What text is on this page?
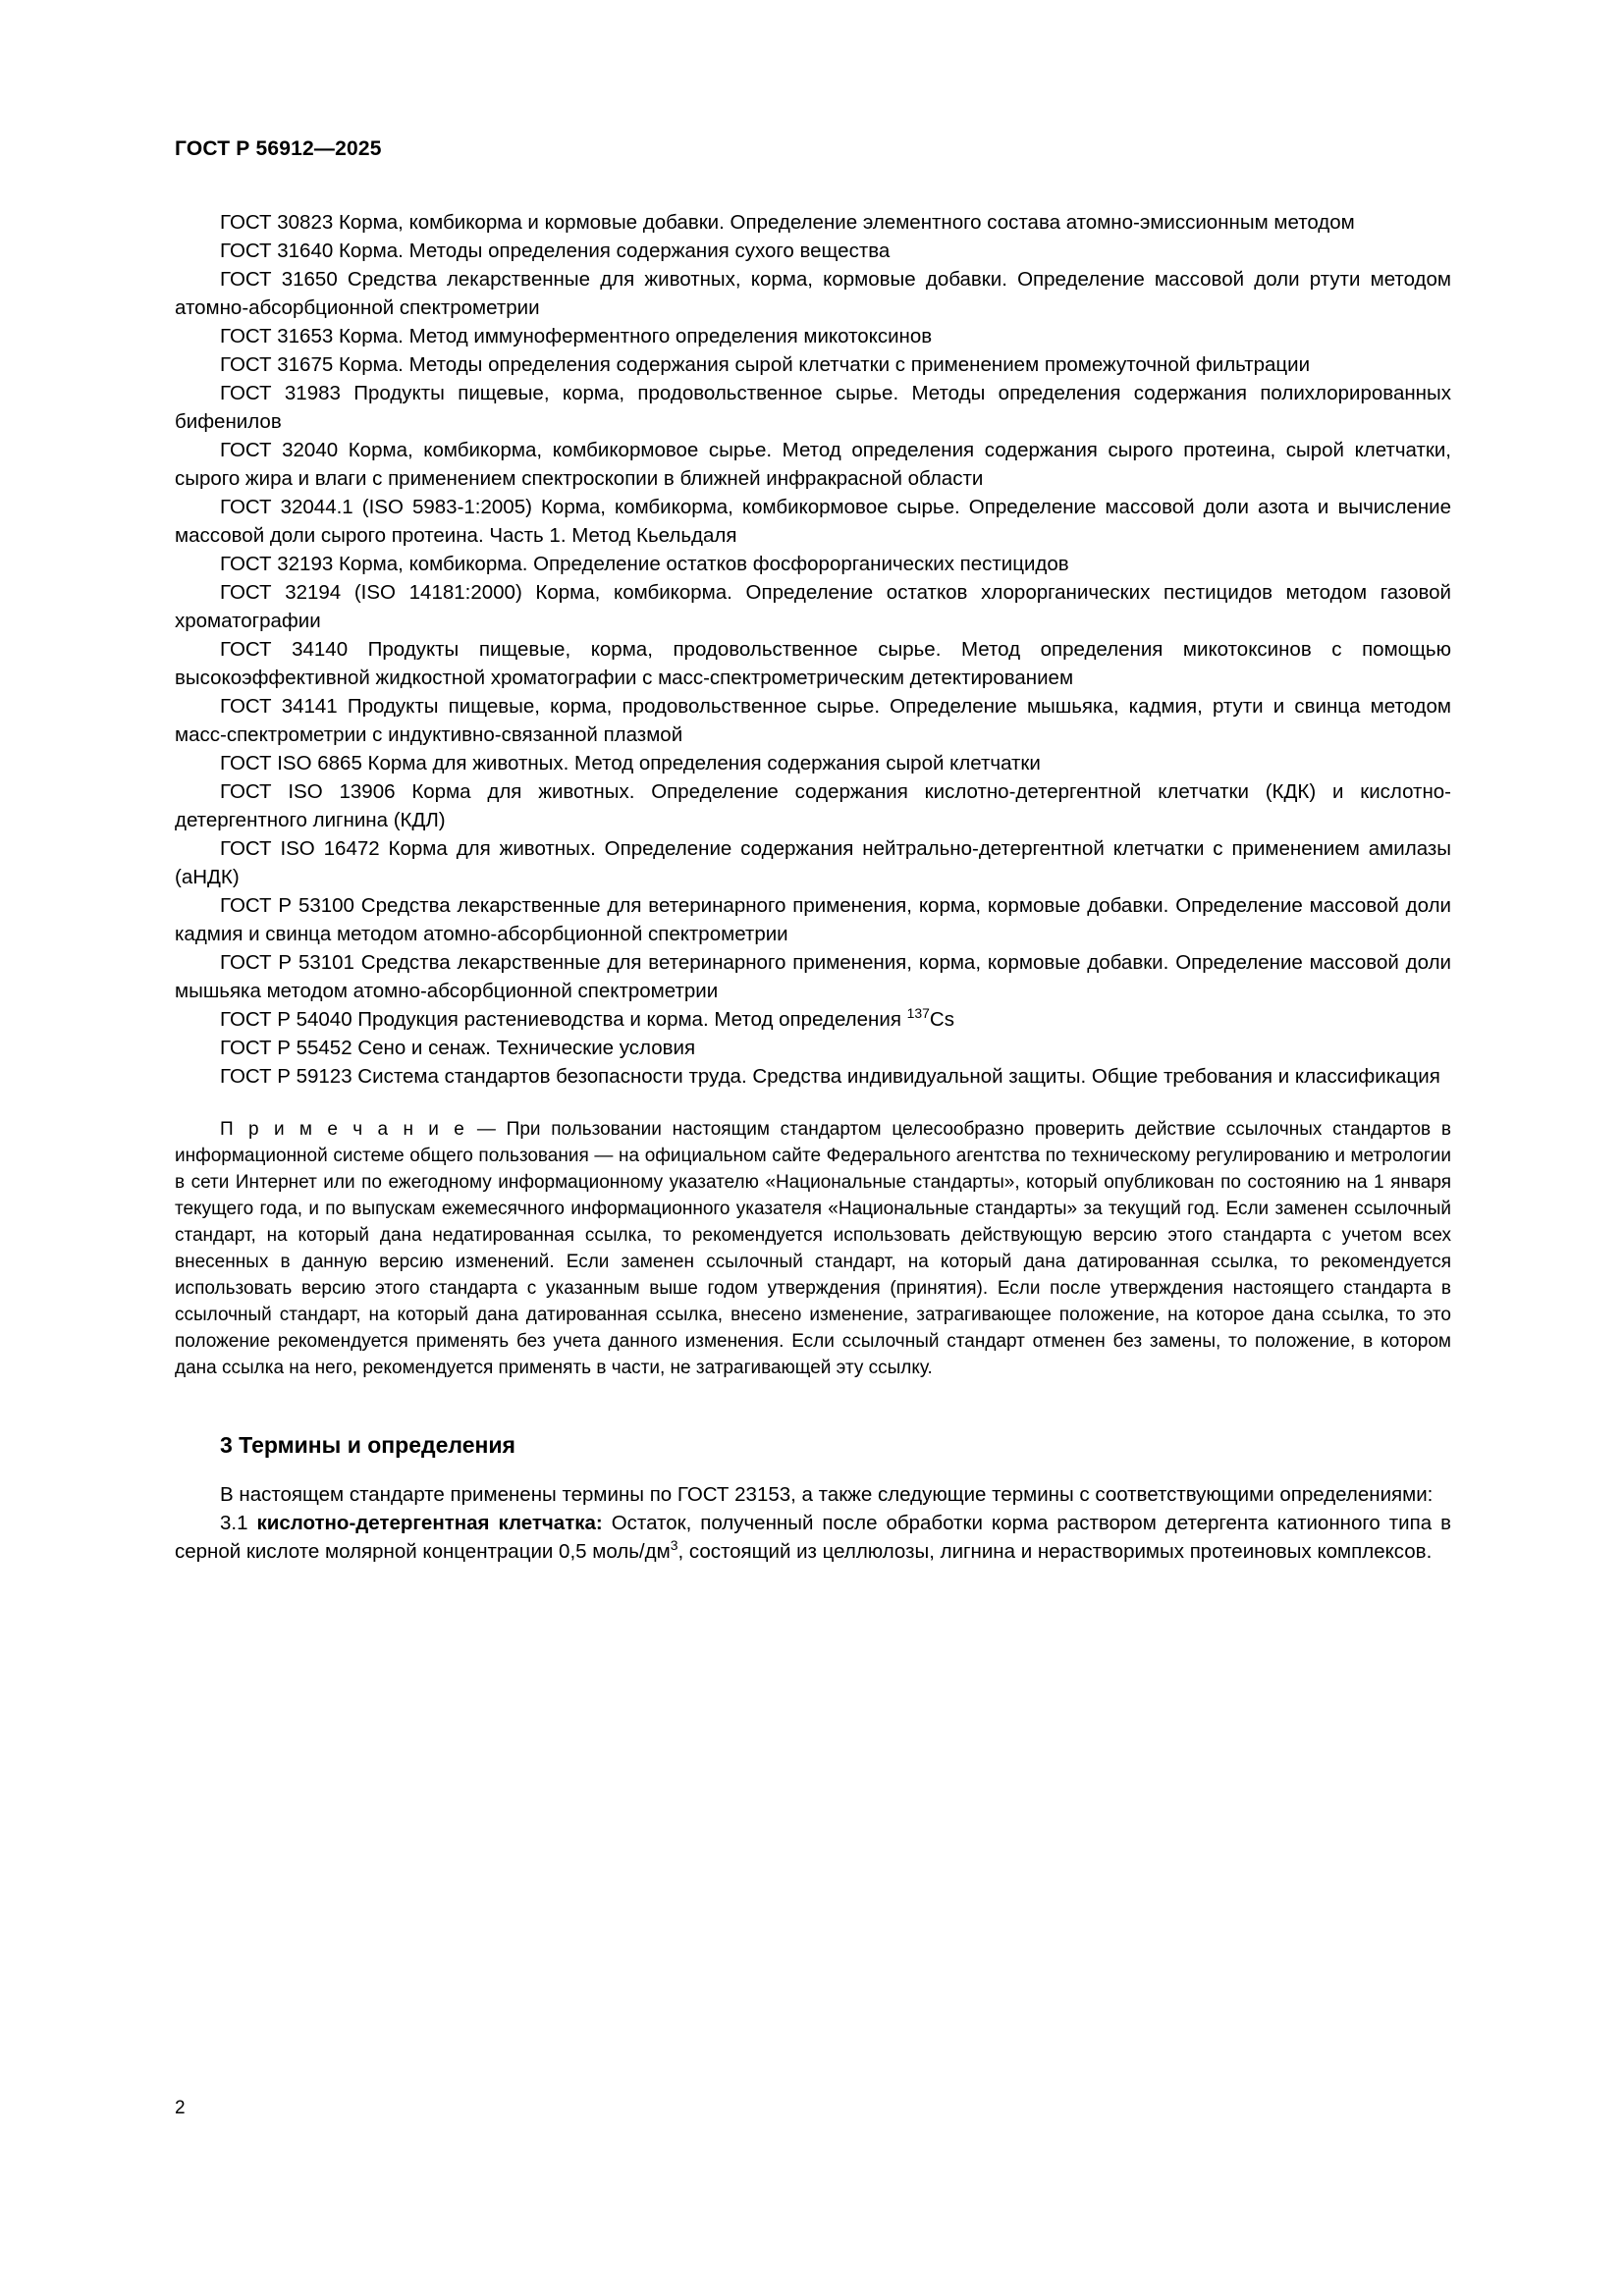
ГОСТ Р 56912—2025

ГОСТ 30823 Корма, комбикорма и кормовые добавки. Определение элементного состава атомно-эмиссионным методом

ГОСТ 31640 Корма. Методы определения содержания сухого вещества

ГОСТ 31650 Средства лекарственные для животных, корма, кормовые добавки. Определение массовой доли ртути методом атомно-абсорбционной спектрометрии

ГОСТ 31653 Корма. Метод иммуноферментного определения микотоксинов

ГОСТ 31675 Корма. Методы определения содержания сырой клетчатки с применением промежуточной фильтрации

ГОСТ 31983 Продукты пищевые, корма, продовольственное сырье. Методы определения содержания полихлорированных бифенилов

ГОСТ 32040 Корма, комбикорма, комбикормовое сырье. Метод определения содержания сырого протеина, сырой клетчатки, сырого жира и влаги с применением спектроскопии в ближней инфракрасной области

ГОСТ 32044.1 (ISO 5983-1:2005) Корма, комбикорма, комбикормовое сырье. Определение массовой доли азота и вычисление массовой доли сырого протеина. Часть 1. Метод Кьельдаля

ГОСТ 32193 Корма, комбикорма. Определение остатков фосфорорганических пестицидов

ГОСТ 32194 (ISO 14181:2000) Корма, комбикорма. Определение остатков хлорорганических пестицидов методом газовой хроматографии

ГОСТ 34140 Продукты пищевые, корма, продовольственное сырье. Метод определения микотоксинов с помощью высокоэффективной жидкостной хроматографии с масс-спектрометрическим детектированием

ГОСТ 34141 Продукты пищевые, корма, продовольственное сырье. Определение мышьяка, кадмия, ртути и свинца методом масс-спектрометрии с индуктивно-связанной плазмой

ГОСТ ISO 6865 Корма для животных. Метод определения содержания сырой клетчатки

ГОСТ ISO 13906 Корма для животных. Определение содержания кислотно-детергентной клетчатки (КДК) и кислотно-детергентного лигнина (КДЛ)

ГОСТ ISO 16472 Корма для животных. Определение содержания нейтрально-детергентной клетчатки с применением амилазы (аНДК)

ГОСТ Р 53100 Средства лекарственные для ветеринарного применения, корма, кормовые добавки. Определение массовой доли кадмия и свинца методом атомно-абсорбционной спектрометрии

ГОСТ Р 53101 Средства лекарственные для ветеринарного применения, корма, кормовые добавки. Определение массовой доли мышьяка методом атомно-абсорбционной спектрометрии

ГОСТ Р 54040 Продукция растениеводства и корма. Метод определения $^{137}$Cs

ГОСТ Р 55452 Сено и сенаж. Технические условия

ГОСТ Р 59123 Система стандартов безопасности труда. Средства индивидуальной защиты. Общие требования и классификация

П р и м е ч а н и е — При пользовании настоящим стандартом целесообразно проверить действие ссылочных стандартов в информационной системе общего пользования — на официальном сайте Федерального агентства по техническому регулированию и метрологии в сети Интернет или по ежегодному информационному указателю «Национальные стандарты», который опубликован по состоянию на 1 января текущего года, и по выпускам ежемесячного информационного указателя «Национальные стандарты» за текущий год. Если заменен ссылочный стандарт, на который дана недатированная ссылка, то рекомендуется использовать действующую версию этого стандарта с учетом всех внесенных в данную версию изменений. Если заменен ссылочный стандарт, на который дана датированная ссылка, то рекомендуется использовать версию этого стандарта с указанным выше годом утверждения (принятия). Если после утверждения настоящего стандарта в ссылочный стандарт, на который дана датированная ссылка, внесено изменение, затрагивающее положение, на которое дана ссылка, то это положение рекомендуется применять без учета данного изменения. Если ссылочный стандарт отменен без замены, то положение, в котором дана ссылка на него, рекомендуется применять в части, не затрагивающей эту ссылку.

3 Термины и определения

В настоящем стандарте применены термины по ГОСТ 23153, а также следующие термины с соответствующими определениями:

3.1 кислотно-детергентная клетчатка: Остаток, полученный после обработки корма раствором детергента катионного типа в серной кислоте молярной концентрации 0,5 моль/$дм^3$, состоящий из целлюлозы, лигнина и нерастворимых протеиновых комплексов.

2
